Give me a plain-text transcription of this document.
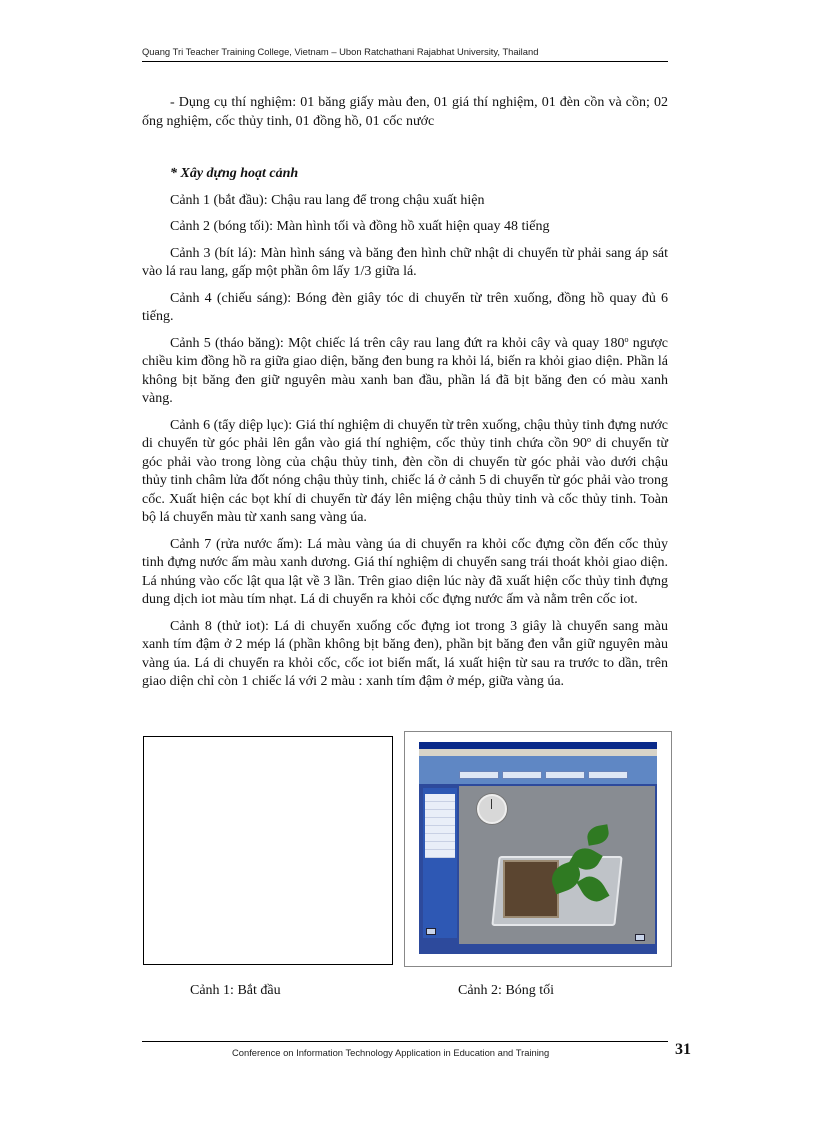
Quang Tri Teacher Training College, Vietnam – Ubon Ratchathani Rajabhat University, Thailand

- Dụng cụ thí nghiệm: 01 băng giấy màu đen, 01 giá thí nghiệm, 01 đèn cồn và cồn; 02 ống nghiệm, cốc thủy tinh, 01 đồng hồ, 01 cốc nước

* Xây dựng hoạt cảnh

Cảnh 1 (bắt đầu): Chậu rau lang để trong chậu xuất hiện

Cảnh 2 (bóng tối): Màn hình tối và đồng hồ xuất hiện quay 48 tiếng

Cảnh 3 (bít lá): Màn hình sáng và băng đen hình chữ nhật di chuyển từ phải sang áp sát vào lá rau lang, gấp một phần ôm lấy 1/3 giữa lá.

Cảnh 4 (chiếu sáng): Bóng đèn giây tóc di chuyển từ trên xuống, đồng hồ quay đủ 6 tiếng.

Cảnh 5 (tháo băng): Một chiếc lá trên cây rau lang đứt ra khỏi cây và quay 180$^o$ ngược chiều kim đồng hồ ra giữa giao diện, băng đen bung ra khỏi lá, biến ra khỏi giao diện. Phần lá không bịt băng đen giữ nguyên màu xanh ban đầu, phần lá đã bịt băng đen có màu xanh vàng.

Cảnh 6 (tẩy diệp lục): Giá thí nghiệm di chuyển từ trên xuống, chậu thủy tinh đựng nước di chuyển từ góc phải lên gắn vào giá thí nghiệm, cốc thủy tinh chứa cồn 90$^o$ di chuyển từ góc phải vào trong lòng của chậu thủy tinh, đèn cồn di chuyển từ góc phải vào dưới chậu thủy tinh châm lửa đốt nóng chậu thủy tinh, chiếc lá ở cảnh 5 di chuyển từ góc phải vào trong cốc. Xuất hiện các bọt khí di chuyển từ đáy lên miệng chậu thủy tinh và cốc thủy tinh. Toàn bộ lá chuyển màu từ xanh sang vàng úa.

Cảnh 7 (rửa nước ấm): Lá màu vàng úa di chuyển ra khỏi cốc đựng cồn đến cốc thủy tinh đựng nước ấm màu xanh dương. Giá thí nghiệm di chuyển sang trái thoát khỏi giao diện. Lá nhúng vào cốc lật qua lật về 3 lần. Trên giao diện lúc này đã xuất hiện cốc thủy tinh đựng dung dịch iot màu tím nhạt. Lá di chuyển ra khỏi cốc đựng nước ấm và nằm trên cốc iot.

Cảnh 8 (thử iot): Lá di chuyển xuống cốc đựng iot trong 3 giây là chuyển sang màu xanh tím đậm ở 2 mép lá (phần không bịt băng đen), phần bịt băng đen vẫn giữ nguyên màu vàng úa. Lá di chuyển ra khỏi cốc, cốc iot biến mất, lá xuất hiện từ sau ra trước to dần, trên giao diện chỉ còn 1 chiếc lá với 2 màu : xanh tím đậm ở mép, giữa vàng úa.

Cảnh 1: Bắt đầu	Cảnh 2: Bóng tối
Conference on Information Technology Application in Education and Training	31
